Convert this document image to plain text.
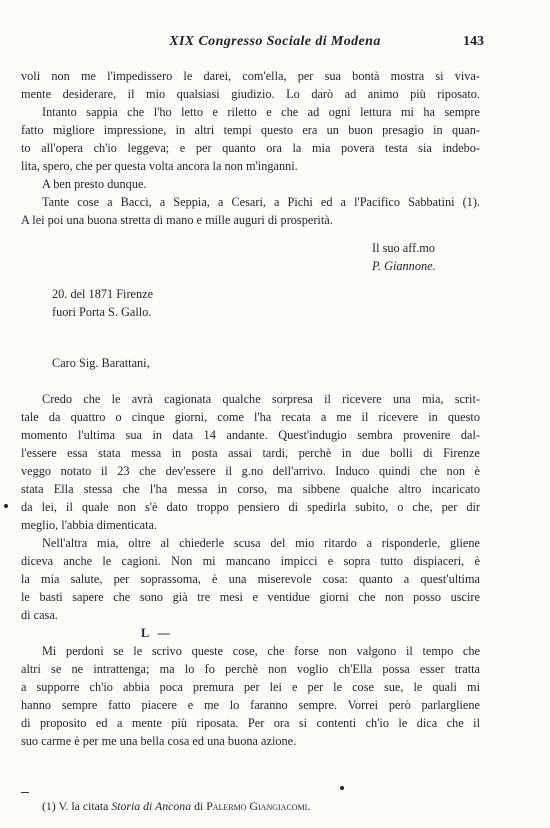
XIX Congresso Sociale di Modena	143
voli non me l'impedissero le darei, com'ella, per sua bontà mostra si viva-
mente desiderare, il mio qualsiasi giudizio. Lo darò ad animo più riposato.
Intanto sappia che l'ho letto e riletto e che ad ogni lettura mi ha sempre
fatto migliore impressione, in altri tempi questo era un buon presagio in quan-
to all'opera ch'io leggeva; e per quanto ora la mia povera testa sia indebo-
lita, spero, che per questa volta ancora la non m'inganni.
A ben presto dunque.
Tante cose a Bacci, a Seppia, a Cesari, a Pichi ed a l'Pacifico Sabbatini (1).
A lei poi una buona stretta di mano e mille auguri di prosperità.
Il suo aff.mo
P. Giannone.
20. del 1871 Firenze
fuori Porta S. Gallo.
Caro Sig. Barattani,
Credo che le avrà cagionata qualche sorpresa il ricevere una mia, scrit-
tale da quattro o cinque giorni, come l'ha recata a me il ricevere in questo
momento l'ultima sua in data 14 andante. Quest'indugio sembra provenire dal-
l'essere essa stata messa in posta assai tardi, perchè in due bolli di Firenze
veggo notato il 23 che dev'essere il g.no dell'arrivo. Induco quindi che non è
stata Ella stessa che l'ha messa in corso, ma sibbene qualche altro incaricato
da lei, il quale non s'è dato troppo pensiero di spedirla subito, o che, per dir
meglio, l'abbia dimenticata.
Nell'altra mia, oltre al chiederle scusa del mio ritardo a risponderle, gliene
diceva anche le cagioni. Non mi mancano impicci e sopra tutto dispiaceri, è
la mia salute, per soprassoma, è una miserevole cosa: quanto a quest'ultima
le basti sapere che sono già tre mesi e ventidue giorni che non posso uscire
di casa.
L —
Mi perdoni se le scrivo queste cose, che forse non valgono il tempo che
altri se ne intrattenga; ma lo fo perchè non voglio ch'Ella possa esser tratta
a supporre ch'io abbia poca premura per lei e per le cose sue, le quali mi
hanno sempre fatto piacere e me lo faranno sempre. Vorrei però parlargliene
di proposito ed a mente più riposata. Per ora si contenti ch'io le dica che il
suo carme è per me una bella cosa ed una buona azione.
(1) V. la citata Storia di Ancona di Palermo Giangiacomi.
